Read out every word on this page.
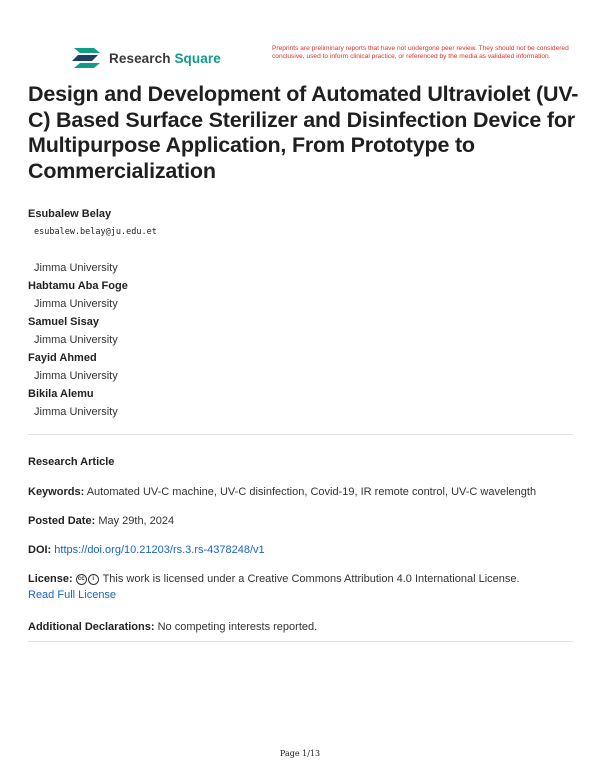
Research Square
Preprints are preliminary reports that have not undergone peer review. They should not be considered conclusive, used to inform clinical practice, or referenced by the media as validated information.
Design and Development of Automated Ultraviolet (UV-C) Based Surface Sterilizer and Disinfection Device for Multipurpose Application, From Prototype to Commercialization
Esubalew Belay
esubalew.belay@ju.edu.et
Jimma University
Habtamu Aba Foge
Jimma University
Samuel Sisay
Jimma University
Fayid Ahmed
Jimma University
Bikila Alemu
Jimma University
Research Article
Keywords: Automated UV-C machine, UV-C disinfection, Covid-19, IR remote control, UV-C wavelength
Posted Date: May 29th, 2024
DOI: https://doi.org/10.21203/rs.3.rs-4378248/v1
License: cc i This work is licensed under a Creative Commons Attribution 4.0 International License.
Read Full License
Additional Declarations: No competing interests reported.
Page 1/13
